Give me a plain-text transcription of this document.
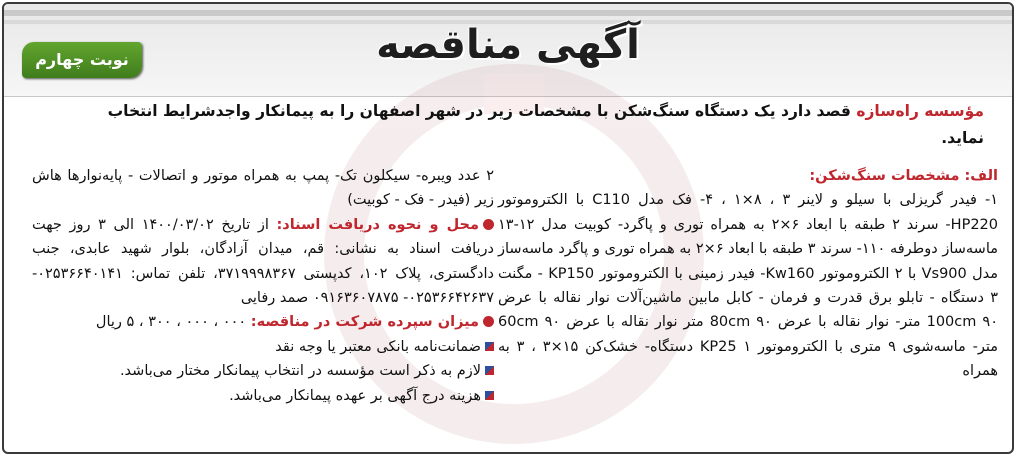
آگهی مناقصه
نوبت چهارم
مؤسسه راه‌سازه قصد دارد یک دستگاه سنگ‌شکن با مشخصات زیر در شهر اصفهان را به پیمانکار واجدشرایط انتخاب نماید.

الف: مشخصات سنگ‌شکن:

۱- فیدر گریزلی با سیلو و لاینر ۳ ، ۸×۱ ، ۴- فک مدل C110 با الکتروموتور HP220- سرند ۲ طبقه با ابعاد ۶×۲ به همراه توری و پاگرد- کوبیت مدل ۱۲-۱۳ ماسه‌ساز دوطرفه ۱۱۰- سرند ۳ طبقه با ابعاد ۶×۲ به همراه توری و پاگرد ماسه‌ساز مدل Vs900 با ۲ الکتروموتور Kw160- فیدر زمینی با الکتروموتور KP150 - مگنت ۳ دستگاه - تابلو برق قدرت و فرمان - کابل مابین ماشین‌آلات نوار نقاله با عرض 100cm ۹۰ متر- نوار نقاله با عرض 80cm ۹۰ متر نوار نقاله با عرض 60cm ۹۰ متر- ماسه‌شوی ۹ متری با الکتروموتور KP25 ۱ دستگاه- خشک‌کن ۱۵×۳ ، ۳ به همراه

۲ عدد ویبره- سیکلون تک- پمپ به همراه موتور و اتصالات - پایه‌نوارها هاش زیر (فیدر - فک - کوبیت)

محل و نحوه دریافت اسناد: از تاریخ ۱۴۰۰/۰۳/۰۲ الی ۳ روز جهت دریافت اسناد به نشانی: قم، میدان آزادگان، بلوار شهید عابدی، جنب دادگستری، پلاک ۱۰۲، کدپستی ۳۷۱۹۹۹۸۳۶۷، تلفن تماس: ۰۲۵۳۶۶۴۰۱۴۱- ۰۲۵۳۶۶۴۲۶۳۷- ۰۹۱۶۳۶۰۷۸۷۵ صمد رفایی

میزان سپرده شرکت در مناقصه: ۰۰۰ ، ۰۰۰ ، ۳۰۰ ، ۵ ریال

ضمانت‌نامه بانکی معتبر یا وجه نقد

لازم به ذکر است مؤسسه در انتخاب پیمانکار مختار می‌باشد.

هزینه درج آگهی بر عهده پیمانکار می‌باشد.
